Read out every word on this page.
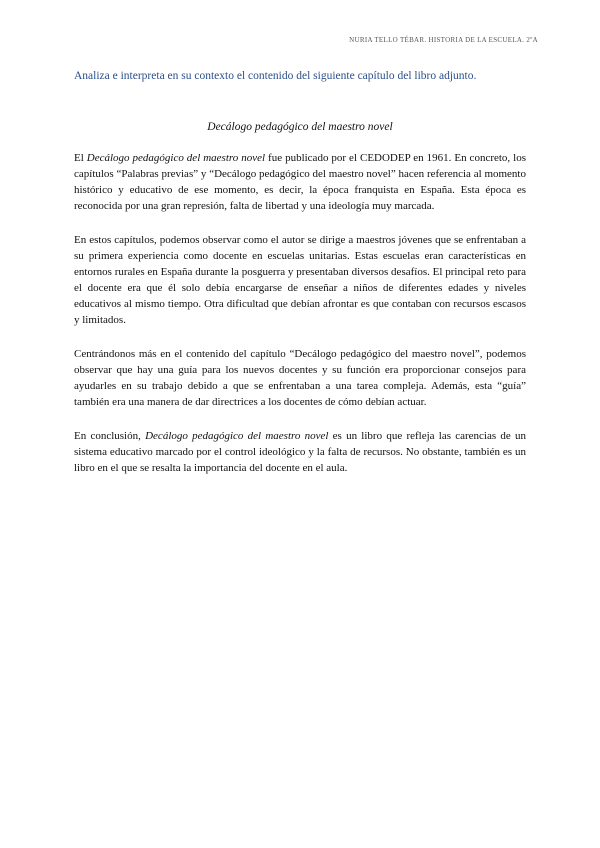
NURIA TELLO TÉBAR. HISTORIA DE LA ESCUELA. 2ºA
Analiza e interpreta en su contexto el contenido del siguiente capítulo del libro adjunto.
Decálogo pedagógico del maestro novel

El Decálogo pedagógico del maestro novel fue publicado por el CEDODEP en 1961. En concreto, los capítulos “Palabras previas” y “Decálogo pedagógico del maestro novel” hacen referencia al momento histórico y educativo de ese momento, es decir, la época franquista en España. Esta época es reconocida por una gran represión, falta de libertad y una ideología muy marcada.

En estos capítulos, podemos observar como el autor se dirige a maestros jóvenes que se enfrentaban a su primera experiencia como docente en escuelas unitarias. Estas escuelas eran características en entornos rurales en España durante la posguerra y presentaban diversos desafíos. El principal reto para el docente era que él solo debía encargarse de enseñar a niños de diferentes edades y niveles educativos al mismo tiempo. Otra dificultad que debían afrontar es que contaban con recursos escasos y limitados.

Centrándonos más en el contenido del capítulo “Decálogo pedagógico del maestro novel”, podemos observar que hay una guía para los nuevos docentes y su función era proporcionar consejos para ayudarles en su trabajo debido a que se enfrentaban a una tarea compleja. Además, esta “guía” también era una manera de dar directrices a los docentes de cómo debían actuar.

En conclusión, Decálogo pedagógico del maestro novel es un libro que refleja las carencias de un sistema educativo marcado por el control ideológico y la falta de recursos. No obstante, también es un libro en el que se resalta la importancia del docente en el aula.
